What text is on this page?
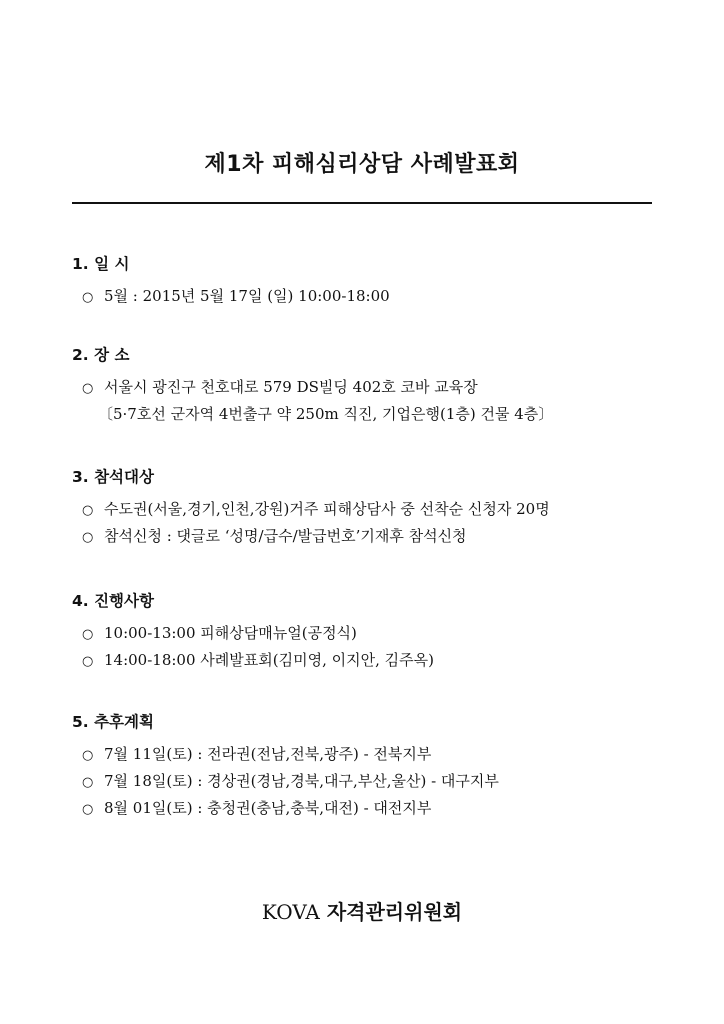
제1차 피해심리상담 사례발표회
1. 일 시
○ 5월 : 2015년 5월 17일 (일) 10:00-18:00
2. 장 소
○ 서울시 광진구 천호대로 579 DS빌딩 402호 코바 교육장
〔5·7호선 군자역 4번출구 약 250m 직진, 기업은행(1층) 건물 4층〕
3. 참석대상
○ 수도권(서울,경기,인천,강원)거주 피해상담사 중 선착순 신청자 20명
○ 참석신청 : 댓글로 ‘성명/급수/발급번호’기재후 참석신청
4. 진행사항
○ 10:00-13:00 피해상담매뉴얼(공정식)
○ 14:00-18:00 사례발표회(김미영, 이지안, 김주옥)
5. 추후계획
○ 7월 11일(토) : 전라권(전남,전북,광주) - 전북지부
○ 7월 18일(토) : 경상권(경남,경북,대구,부산,울산) - 대구지부
○ 8월 01일(토) : 충청권(충남,충북,대전) - 대전지부
KOVA 자격관리위원회
